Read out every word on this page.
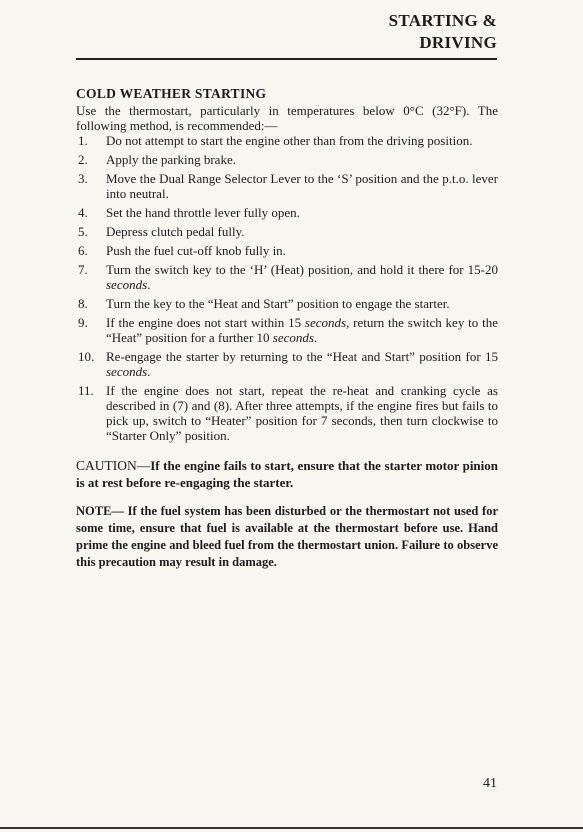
STARTING &
DRIVING
COLD WEATHER STARTING

Use the thermostart, particularly in temperatures below 0°C (32°F). The following method, is recommended:—

1.	Do not attempt to start the engine other than from the driving position.
2.	Apply the parking brake.
3.	Move the Dual Range Selector Lever to the ‘S’ position and the p.t.o. lever into neutral.
4.	Set the hand throttle lever fully open.
5.	Depress clutch pedal fully.
6.	Push the fuel cut-off knob fully in.
7.	Turn the switch key to the ‘H’ (Heat) position, and hold it there for 15-20 seconds.
8.	Turn the key to the “Heat and Start” position to engage the starter.
9.	If the engine does not start within 15 seconds, return the switch key to the “Heat” position for a further 10 seconds.
10. Re-engage the starter by returning to the “Heat and Start” position for 15 seconds.
11. If the engine does not start, repeat the re-heat and cranking cycle as described in (7) and (8). After three attempts, if the engine fires but fails to pick up, switch to “Heater” position for 7 seconds, then turn clockwise to “Starter Only” position.
CAUTION—If the engine fails to start, ensure that the starter motor pinion is at rest before re-engaging the starter.
NOTE— If the fuel system has been disturbed or the thermostart not used for some time, ensure that fuel is available at the thermostart before use. Hand prime the engine and bleed fuel from the thermostart union. Failure to observe this precaution may result in damage.
41
